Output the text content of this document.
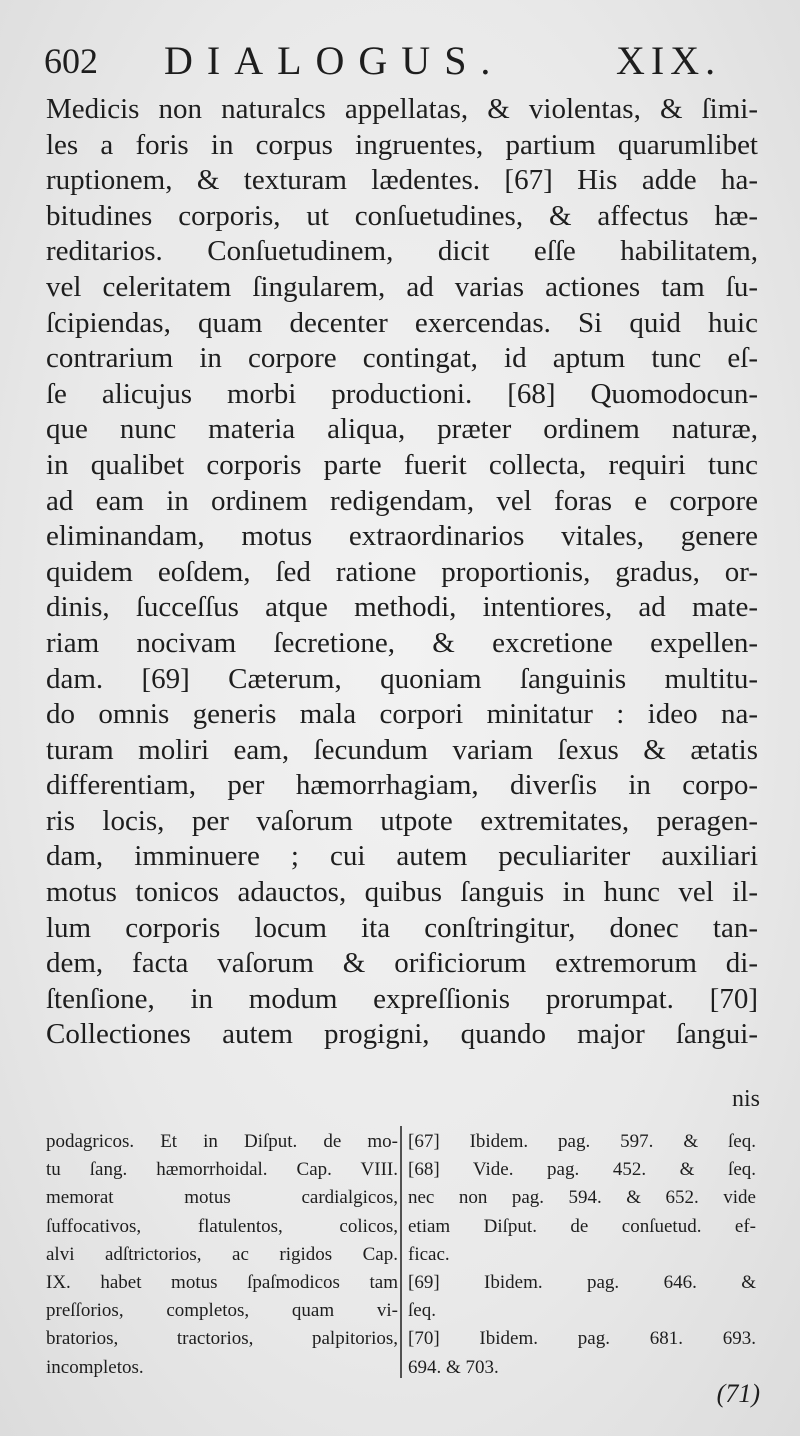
602 DIALOGUS.	XIX.
Medicis non naturalcs appellatas, & violentas, & ſimi-
les a foris in corpus ingruentes, partium quarumlibet
ruptionem, & texturam lædentes. [67] His adde ha-
bitudines corporis, ut conſuetudines, & affectus hæ-
reditarios. Conſuetudinem, dicit eſſe habilitatem,
vel celeritatem ſingularem, ad varias actiones tam ſu-
ſcipiendas, quam decenter exercendas. Si quid huic
contrarium in corpore contingat, id aptum tunc eſ-
ſe alicujus morbi productioni. [68] Quomodocun-
que nunc materia aliqua, præter ordinem naturæ,
in qualibet corporis parte fuerit collecta, requiri tunc
ad eam in ordinem redigendam, vel foras e corpore
eliminandam, motus extraordinarios vitales, genere
quidem eoſdem, ſed ratione proportionis, gradus, or-
dinis, ſucceſſus atque methodi, intentiores, ad mate-
riam nocivam ſecretione, & excretione expellen-
dam. [69] Cæterum, quoniam ſanguinis multitu-
do omnis generis mala corpori minitatur : ideo na-
turam moliri eam, ſecundum variam ſexus & ætatis
differentiam, per hæmorrhagiam, diverſis in corpo-
ris locis, per vaſorum utpote extremitates, peragen-
dam, imminuere ; cui autem peculiariter auxiliari
motus tonicos adauctos, quibus ſanguis in hunc vel il-
lum corporis locum ita conſtringitur, donec tan-
dem, facta vaſorum & orificiorum extremorum di-
ſtenſione, in modum expreſſionis prorumpat. [70]
Collectiones autem progigni, quando major ſangui-
nis
podagricos. Et in Diſput. de mo-
tu ſang. hæmorrhoidal. Cap. VIII.
memorat motus cardialgicos,
ſuffocativos, flatulentos, colicos,
alvi adſtrictorios, ac rigidos Cap.
IX. habet motus ſpaſmodicos tam
preſſorios, completos, quam vi-
bratorios, tractorios, palpitorios,
incompletos.
[67] Ibidem. pag. 597. & ſeq.
[68] Vide. pag. 452. & ſeq.
nec non pag. 594. & 652. vide
etiam Diſput. de conſuetud. ef-
ficac.
[69] Ibidem. pag. 646. &
ſeq.
[70] Ibidem. pag. 681. 693.
694. & 703.
(71)
